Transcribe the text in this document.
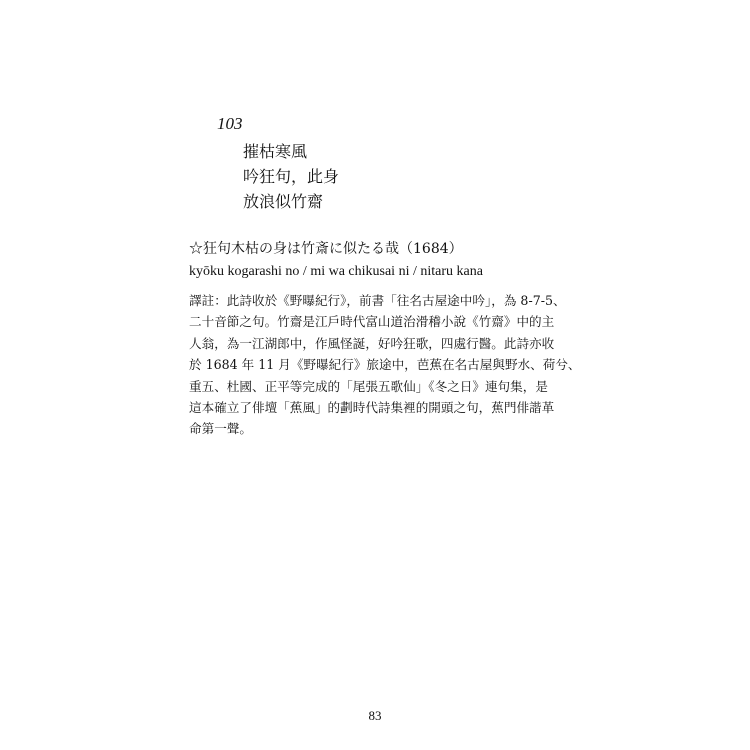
103
摧枯寒風
吟狂句，此身
放浪似竹齋
☆狂句木枯の身は竹斎に似たる哉（1684）
kyōku kogarashi no / mi wa chikusai ni / nitaru kana
譯註：此詩收於《野曝紀行》，前書「往名古屋途中吟」，為 8-7-5、
二十音節之句。竹齋是江戶時代富山道治滑稽小說《竹齋》中的主
人翁，為一江湖郎中，作風怪誕，好吟狂歌，四處行醫。此詩亦收
於 1684 年 11 月《野曝紀行》旅途中，芭蕉在名古屋與野水、荷兮、
重五、杜國、正平等完成的「尾張五歌仙」《冬之日》連句集，是
這本確立了俳壇「蕉風」的劃時代詩集裡的開頭之句，蕉門俳諧革
命第一聲。
83
